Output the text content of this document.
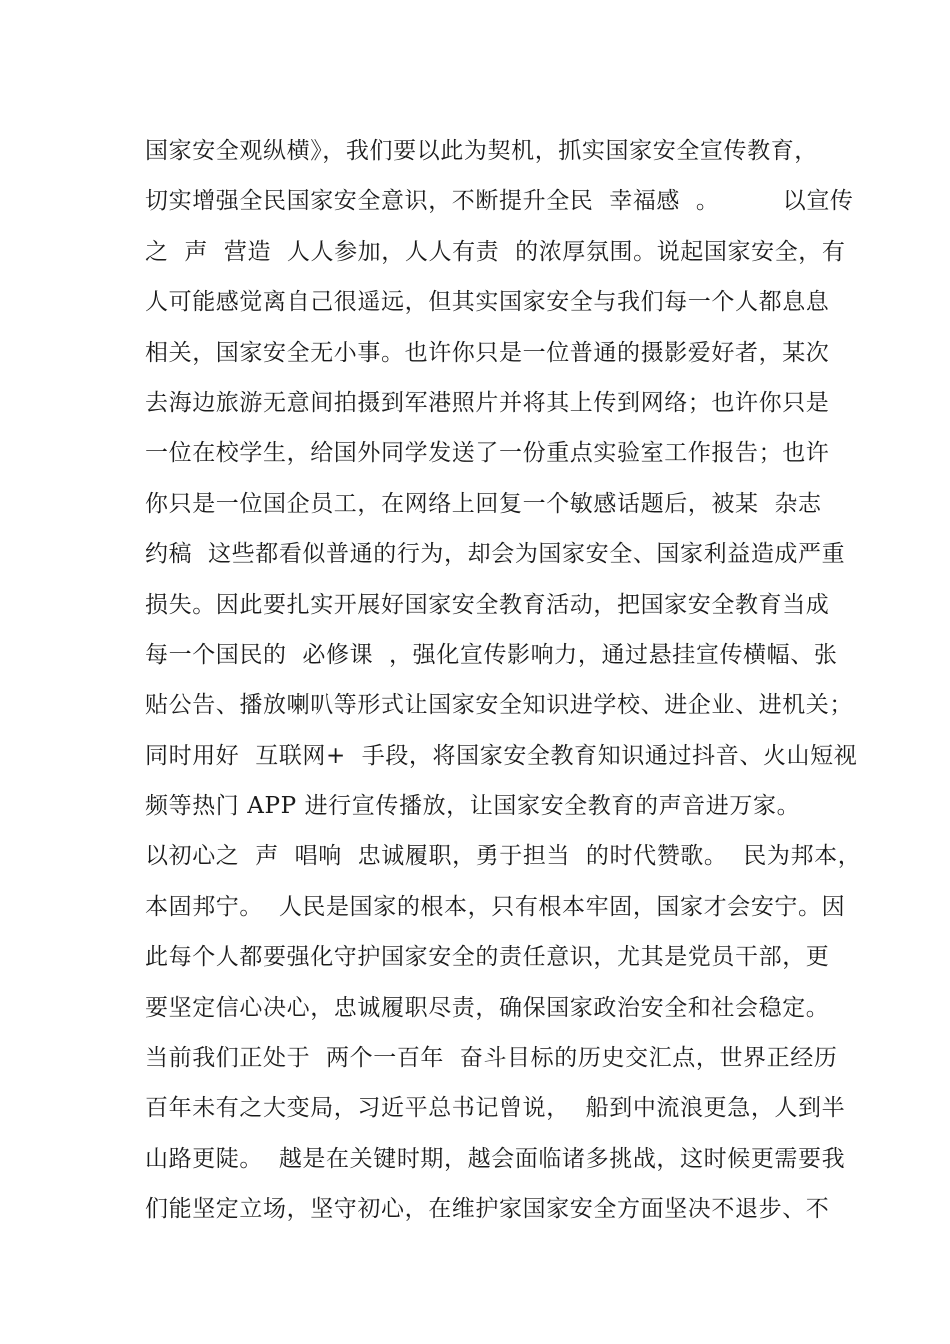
国家安全观纵横》，我们要以此为契机，抓实国家安全宣传教育，
切实增强全民国家安全意识，不断提升全民  幸福感  。        以宣传
之  声  营造  人人参加，人人有责  的浓厚氛围。说起国家安全，有
人可能感觉离自己很遥远，但其实国家安全与我们每一个人都息息
相关，国家安全无小事。也许你只是一位普通的摄影爱好者，某次
去海边旅游无意间拍摄到军港照片并将其上传到网络；也许你只是
一位在校学生，给国外同学发送了一份重点实验室工作报告；也许
你只是一位国企员工，在网络上回复一个敏感话题后，被某  杂志
约稿  这些都看似普通的行为，却会为国家安全、国家利益造成严重
损失。因此要扎实开展好国家安全教育活动，把国家安全教育当成
每一个国民的  必修课  ，强化宣传影响力，通过悬挂宣传横幅、张
贴公告、播放喇叭等形式让国家安全知识进学校、进企业、进机关；
同时用好  互联网+  手段，将国家安全教育知识通过抖音、火山短视
频等热门 APP 进行宣传播放，让国家安全教育的声音进万家。
以初心之  声  唱响  忠诚履职，勇于担当  的时代赞歌。  民为邦本，
本固邦宁。  人民是国家的根本，只有根本牢固，国家才会安宁。因
此每个人都要强化守护国家安全的责任意识，尤其是党员干部，更
要坚定信心决心，忠诚履职尽责，确保国家政治安全和社会稳定。
当前我们正处于  两个一百年  奋斗目标的历史交汇点，世界正经历
百年未有之大变局，习近平总书记曾说，  船到中流浪更急，人到半
山路更陡。  越是在关键时期，越会面临诸多挑战，这时候更需要我
们能坚定立场，坚守初心，在维护家国家安全方面坚决不退步、不
